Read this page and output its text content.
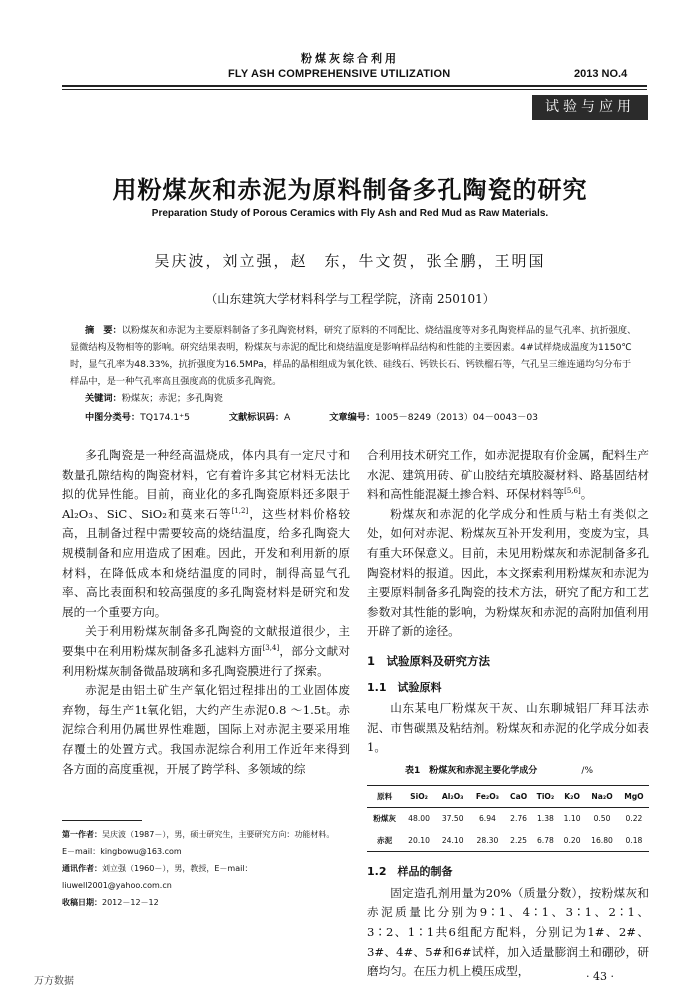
粉煤灰综合利用
FLY ASH COMPREHENSIVE UTILIZATION	2013 NO.4
试验与应用
用粉煤灰和赤泥为原料制备多孔陶瓷的研究
Preparation Study of Porous Ceramics with Fly Ash and Red Mud as Raw Materials.
吴庆波，刘立强，赵　东，牛文贺，张全鹏，王明国
（山东建筑大学材料科学与工程学院，济南 250101）
摘　要：以粉煤灰和赤泥为主要原料制备了多孔陶瓷材料，研究了原料的不同配比、烧结温度等对多孔陶瓷样品的显气孔率、抗折强度、显微结构及物相等的影响。研究结果表明，粉煤灰与赤泥的配比和烧结温度是影响样品结构和性能的主要因素。4#试样烧成温度为1150℃时，显气孔率为48.33%，抗折强度为16.5MPa，样品的晶相组成为氧化铁、硅线石、钙铁长石、钙铁榴石等，气孔呈三维连通均匀分布于样品中，是一种气孔率高且强度高的优质多孔陶瓷。
关键词：粉煤灰；赤泥；多孔陶瓷
中图分类号：TQ174.1⁺5	文献标识码：A	文章编号：1005－8249（2013）04－0043－03

多孔陶瓷是一种经高温烧成，体内具有一定尺寸和数量孔隙结构的陶瓷材料，它有着许多其它材料无法比拟的优异性能。目前，商业化的多孔陶瓷原料还多限于Al₂O₃、SiC、SiO₂和莫来石等[1,2]，这些材料价格较高，且制备过程中需要较高的烧结温度，给多孔陶瓷大规模制备和应用造成了困难。因此，开发和利用新的原材料，在降低成本和烧结温度的同时，制得高显气孔率、高比表面积和较高强度的多孔陶瓷材料是研究和发展的一个重要方向。

关于利用粉煤灰制备多孔陶瓷的文献报道很少，主要集中在利用粉煤灰制备多孔滤料方面[3,4]，部分文献对利用粉煤灰制备微晶玻璃和多孔陶瓷膜进行了探索。

赤泥是由铝土矿生产氧化铝过程排出的工业固体废弃物，每生产1t氧化铝，大约产生赤泥0.8 ～1.5t。赤泥综合利用仍属世界性难题，国际上对赤泥主要采用堆存覆土的处置方式。我国赤泥综合利用工作近年来得到各方面的高度重视，开展了跨学科、多领域的综

第一作者：吴庆波（1987－），男，硕士研究生，主要研究方向：功能材料。

E－mail：kingbowu@163.com

通讯作者：刘立强（1960－），男，教授，E－mail：liuwell2001@yahoo.com.cn

收稿日期：2012－12－12

合利用技术研究工作，如赤泥提取有价金属，配料生产水泥、建筑用砖、矿山胶结充填胶凝材料、路基固结材料和高性能混凝土掺合料、环保材料等[5,6]。

粉煤灰和赤泥的化学成分和性质与粘土有类似之处，如何对赤泥、粉煤灰互补开发利用，变废为宝，具有重大环保意义。目前，未见用粉煤灰和赤泥制备多孔陶瓷材料的报道。因此，本文探索利用粉煤灰和赤泥为主要原料制备多孔陶瓷的技术方法，研究了配方和工艺参数对其性能的影响，为粉煤灰和赤泥的高附加值利用开辟了新的途径。

1　试验原料及研究方法
1.1　试验原料

山东某电厂粉煤灰干灰、山东聊城铝厂拜耳法赤泥、市售碳黑及粘结剂。粉煤灰和赤泥的化学成分如表1。

表1　粉煤灰和赤泥主要化学成分	/%
原料	SiO₂	Al₂O₃	Fe₂O₃	CaO	TiO₂	K₂O	Na₂O	MgO
粉煤灰	48.00	37.50	6.94	2.76	1.38	1.10	0.50	0.22
赤泥	20.10	24.10	28.30	2.25	6.78	0.20	16.80	0.18
1.2　样品的制备

固定造孔剂用量为20%（质量分数），按粉煤灰和赤泥质量比分别为9∶1、4∶1、3∶1、2∶1、3∶2、1∶1共6组配方配料，分别记为1#、2#、3#、4#、5#和6#试样，加入适量膨润土和硼砂，研磨均匀。在压力机上模压成型，	· 43 ·
万方数据
